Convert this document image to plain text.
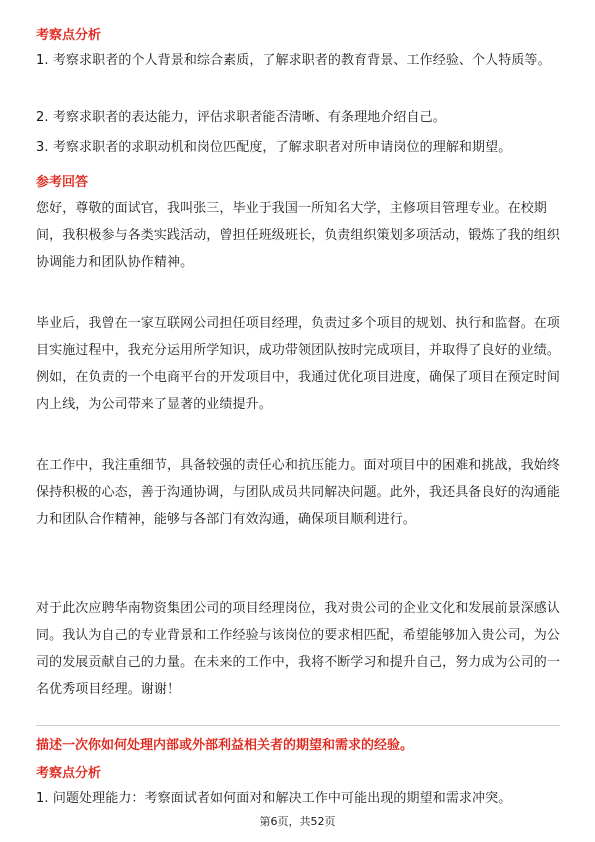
考察点分析
1. 考察求职者的个人背景和综合素质，了解求职者的教育背景、工作经验、个人特质等。
2. 考察求职者的表达能力，评估求职者能否清晰、有条理地介绍自己。
3. 考察求职者的求职动机和岗位匹配度，了解求职者对所申请岗位的理解和期望。
参考回答
您好，尊敬的面试官，我叫张三，毕业于我国一所知名大学，主修项目管理专业。在校期间，我积极参与各类实践活动，曾担任班级班长，负责组织策划多项活动，锻炼了我的组织协调能力和团队协作精神。
毕业后，我曾在一家互联网公司担任项目经理，负责过多个项目的规划、执行和监督。在项目实施过程中，我充分运用所学知识，成功带领团队按时完成项目，并取得了良好的业绩。例如，在负责的一个电商平台的开发项目中，我通过优化项目进度，确保了项目在预定时间内上线，为公司带来了显著的业绩提升。
在工作中，我注重细节，具备较强的责任心和抗压能力。面对项目中的困难和挑战，我始终保持积极的心态，善于沟通协调，与团队成员共同解决问题。此外，我还具备良好的沟通能力和团队合作精神，能够与各部门有效沟通，确保项目顺利进行。
对于此次应聘华南物资集团公司的项目经理岗位，我对贵公司的企业文化和发展前景深感认同。我认为自己的专业背景和工作经验与该岗位的要求相匹配，希望能够加入贵公司，为公司的发展贡献自己的力量。在未来的工作中，我将不断学习和提升自己，努力成为公司的一名优秀项目经理。谢谢！
描述一次你如何处理内部或外部利益相关者的期望和需求的经验。
考察点分析
1. 问题处理能力：考察面试者如何面对和解决工作中可能出现的期望和需求冲突。
第6页，共52页
